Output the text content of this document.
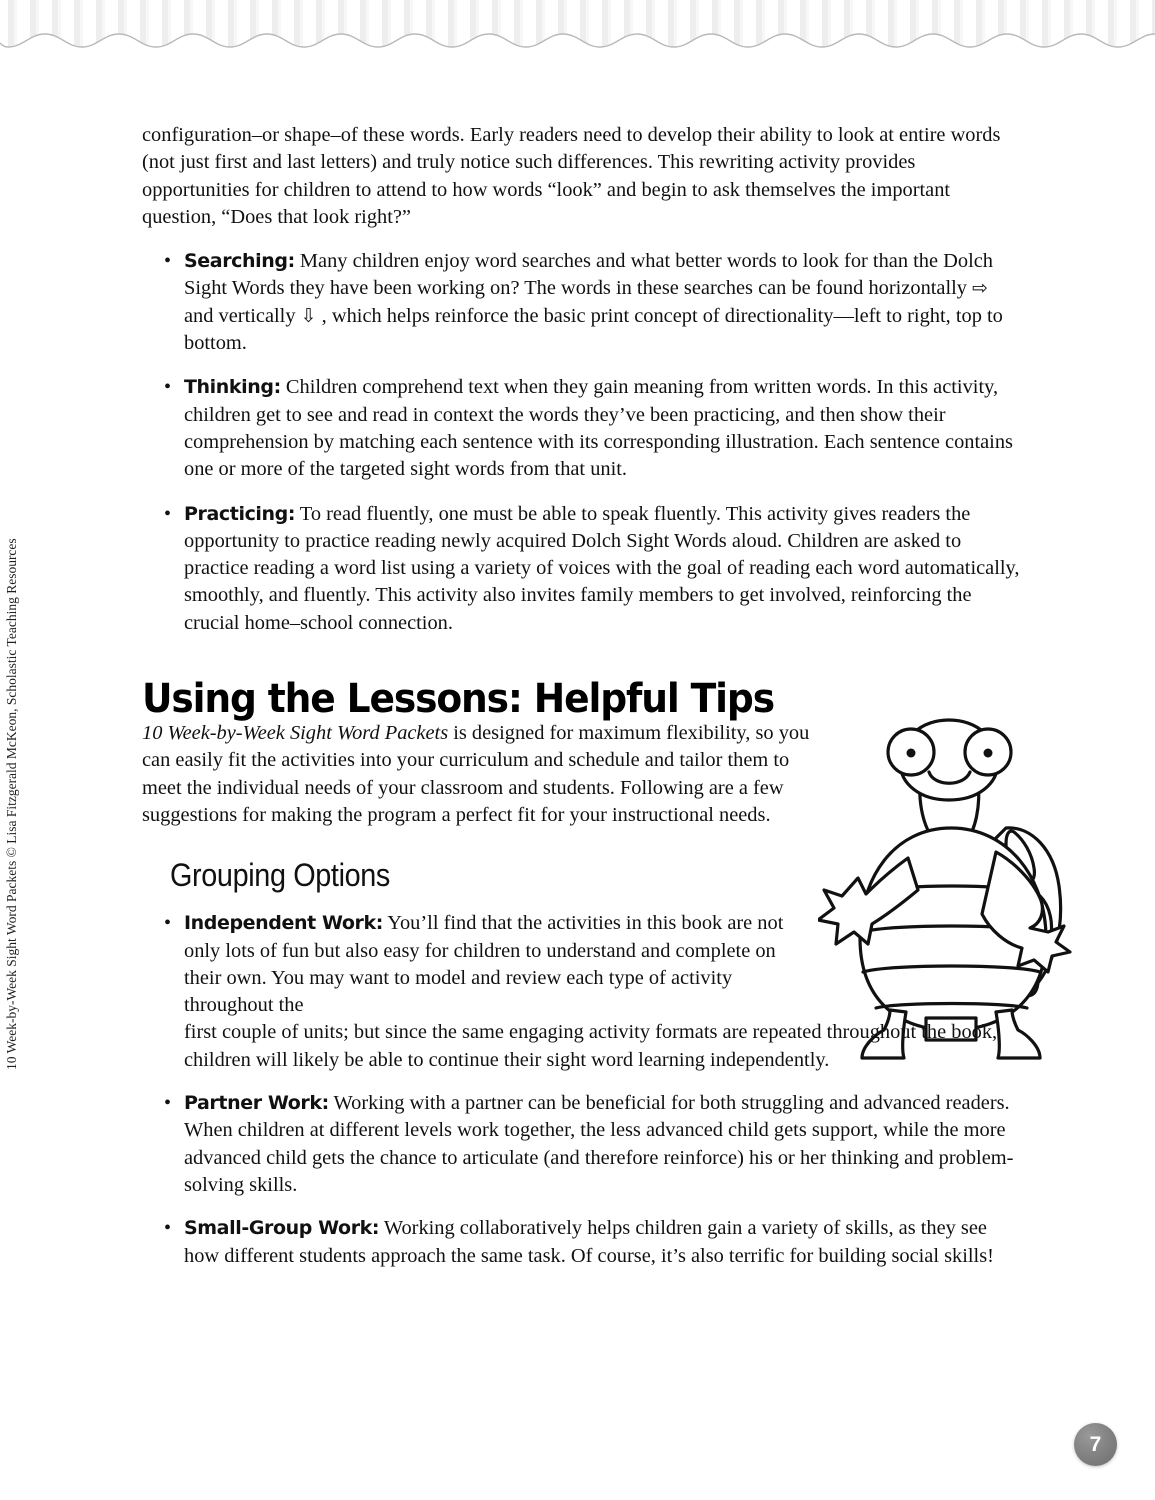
10 Week-by-Week Sight Word Packets © Lisa Fitzgerald McKeon, Scholastic Teaching Resources

configuration–or shape–of these words. Early readers need to develop their ability to look at entire words (not just first and last letters) and truly notice such differences. This rewriting activity provides opportunities for children to attend to how words “look” and begin to ask themselves the important question, “Does that look right?”

• Searching: Many children enjoy word searches and what better words to look for than the Dolch Sight Words they have been working on? The words in these searches can be found horizontally ⇨ and vertically ⇩ , which helps reinforce the basic print concept of directionality—left to right, top to bottom.
• Thinking: Children comprehend text when they gain meaning from written words. In this activity, children get to see and read in context the words they’ve been practicing, and then show their comprehension by matching each sentence with its corresponding illustration. Each sentence contains one or more of the targeted sight words from that unit.
• Practicing: To read fluently, one must be able to speak fluently. This activity gives readers the opportunity to practice reading newly acquired Dolch Sight Words aloud. Children are asked to practice reading a word list using a variety of voices with the goal of reading each word automatically, smoothly, and fluently. This activity also invites family members to get involved, reinforcing the crucial home–school connection.
Using the Lessons: Helpful Tips

10 Week-by-Week Sight Word Packets is designed for maximum flexibility, so you can easily fit the activities into your curriculum and schedule and tailor them to meet the individual needs of your classroom and students. Following are a few suggestions for making the program a perfect fit for your instructional needs.

Grouping Options
• Independent Work: You’ll find that the activities in this book are not only lots of fun but also easy for children to understand and complete on their own. You may want to model and review each type of activity throughout the
first couple of units; but since the same engaging activity formats are repeated throughout the book, children will likely be able to continue their sight word learning independently.
• Partner Work: Working with a partner can be beneficial for both struggling and advanced readers. When children at different levels work together, the less advanced child gets support, while the more advanced child gets the chance to articulate (and therefore reinforce) his or her thinking and problem-solving skills.
• Small-Group Work: Working collaboratively helps children gain a variety of skills, as they see how different students approach the same task. Of course, it’s also terrific for building social skills!
7
